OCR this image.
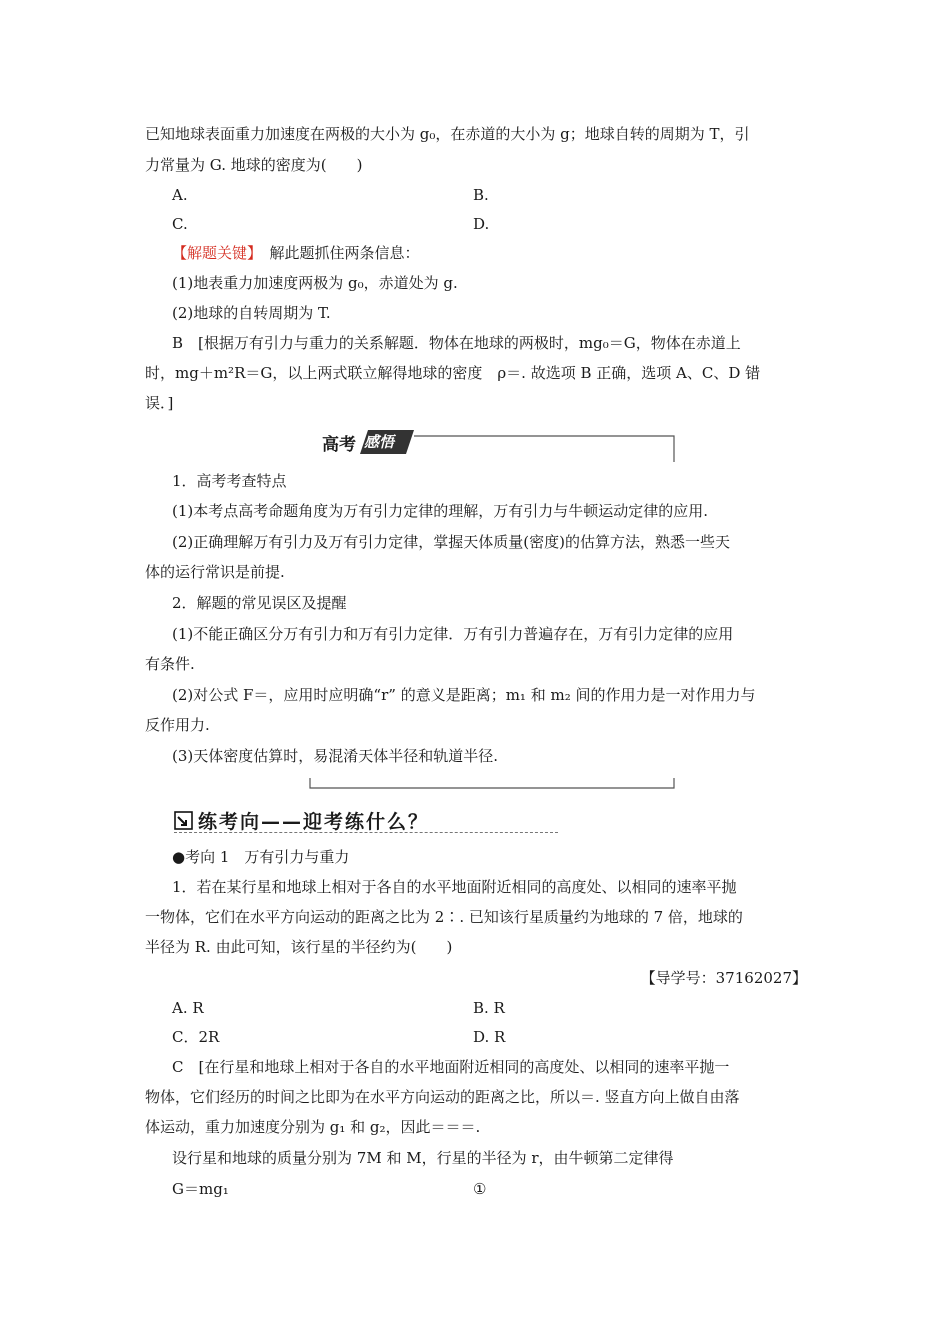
已知地球表面重力加速度在两极的大小为 g₀，在赤道的大小为 g；地球自转的周期为 T，引
力常量为 G. 地球的密度为(　　)
A.	B.
C.	D.
【解题关键】　解此题抓住两条信息：
(1)地表重力加速度两极为 g₀，赤道处为 g.
(2)地球的自转周期为 T.
B　[根据万有引力与重力的关系解题．物体在地球的两极时，mg₀＝G，物体在赤道上
时，mg＋m²R＝G，以上两式联立解得地球的密度　ρ＝. 故选项 B 正确，选项 A、C、D 错
误．]
高考 感悟
1．高考考查特点
(1)本考点高考命题角度为万有引力定律的理解，万有引力与牛顿运动定律的应用.
(2)正确理解万有引力及万有引力定律，掌握天体质量(密度)的估算方法，熟悉一些天
体的运行常识是前提.
2．解题的常见误区及提醒
(1)不能正确区分万有引力和万有引力定律．万有引力普遍存在，万有引力定律的应用
有条件.
(2)对公式 F＝，应用时应明确“r” 的意义是距离；m₁ 和 m₂ 间的作用力是一对作用力与
反作用力.
(3)天体密度估算时，易混淆天体半径和轨道半径.
练考向——迎考练什么？
●考向 1　万有引力与重力
1．若在某行星和地球上相对于各自的水平地面附近相同的高度处、以相同的速率平抛
一物体，它们在水平方向运动的距离之比为 2∶. 已知该行星质量约为地球的 7 倍，地球的
半径为 R. 由此可知，该行星的半径约为(　　)
【导学号：37162027】
A. R	B. R
C．2R	D. R
C　[在行星和地球上相对于各自的水平地面附近相同的高度处、以相同的速率平抛一
物体，它们经历的时间之比即为在水平方向运动的距离之比，所以＝. 竖直方向上做自由落
体运动，重力加速度分别为 g₁ 和 g₂，因此＝＝＝.
设行星和地球的质量分别为 7M 和 M，行星的半径为 r，由牛顿第二定律得
G＝mg₁	①
